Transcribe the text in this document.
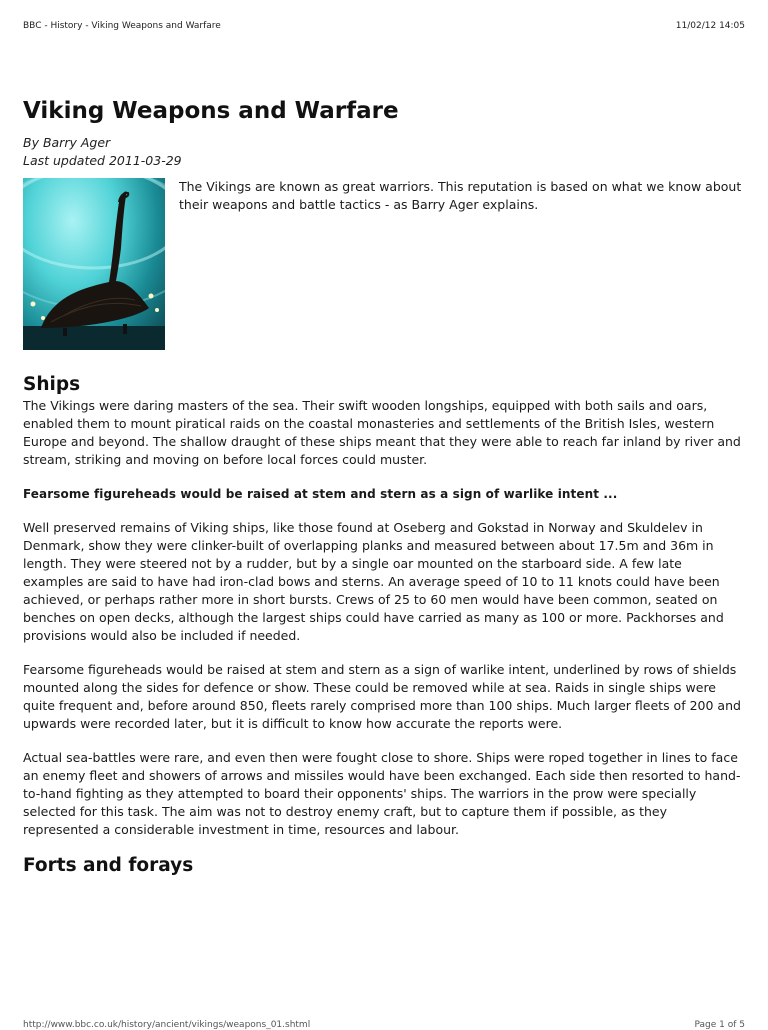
BBC - History - Viking Weapons and Warfare	11/02/12 14:05
Viking Weapons and Warfare
By Barry Ager
Last updated 2011-03-29
The Vikings are known as great warriors. This reputation is based on what we know about their weapons and battle tactics - as Barry Ager explains.
Ships

The Vikings were daring masters of the sea. Their swift wooden longships, equipped with both sails and oars, enabled them to mount piratical raids on the coastal monasteries and settlements of the British Isles, western Europe and beyond. The shallow draught of these ships meant that they were able to reach far inland by river and stream, striking and moving on before local forces could muster.

Fearsome figureheads would be raised at stem and stern as a sign of warlike intent ...

Well preserved remains of Viking ships, like those found at Oseberg and Gokstad in Norway and Skuldelev in Denmark, show they were clinker-built of overlapping planks and measured between about 17.5m and 36m in length. They were steered not by a rudder, but by a single oar mounted on the starboard side. A few late examples are said to have had iron-clad bows and sterns. An average speed of 10 to 11 knots could have been achieved, or perhaps rather more in short bursts. Crews of 25 to 60 men would have been common, seated on benches on open decks, although the largest ships could have carried as many as 100 or more. Packhorses and provisions would also be included if needed.

Fearsome figureheads would be raised at stem and stern as a sign of warlike intent, underlined by rows of shields mounted along the sides for defence or show. These could be removed while at sea. Raids in single ships were quite frequent and, before around 850, fleets rarely comprised more than 100 ships. Much larger fleets of 200 and upwards were recorded later, but it is difficult to know how accurate the reports were.

Actual sea-battles were rare, and even then were fought close to shore. Ships were roped together in lines to face an enemy fleet and showers of arrows and missiles would have been exchanged. Each side then resorted to hand-to-hand fighting as they attempted to board their opponents' ships. The warriors in the prow were specially selected for this task. The aim was not to destroy enemy craft, but to capture them if possible, as they represented a considerable investment in time, resources and labour.

Forts and forays
http://www.bbc.co.uk/history/ancient/vikings/weapons_01.shtml	Page 1 of 5
